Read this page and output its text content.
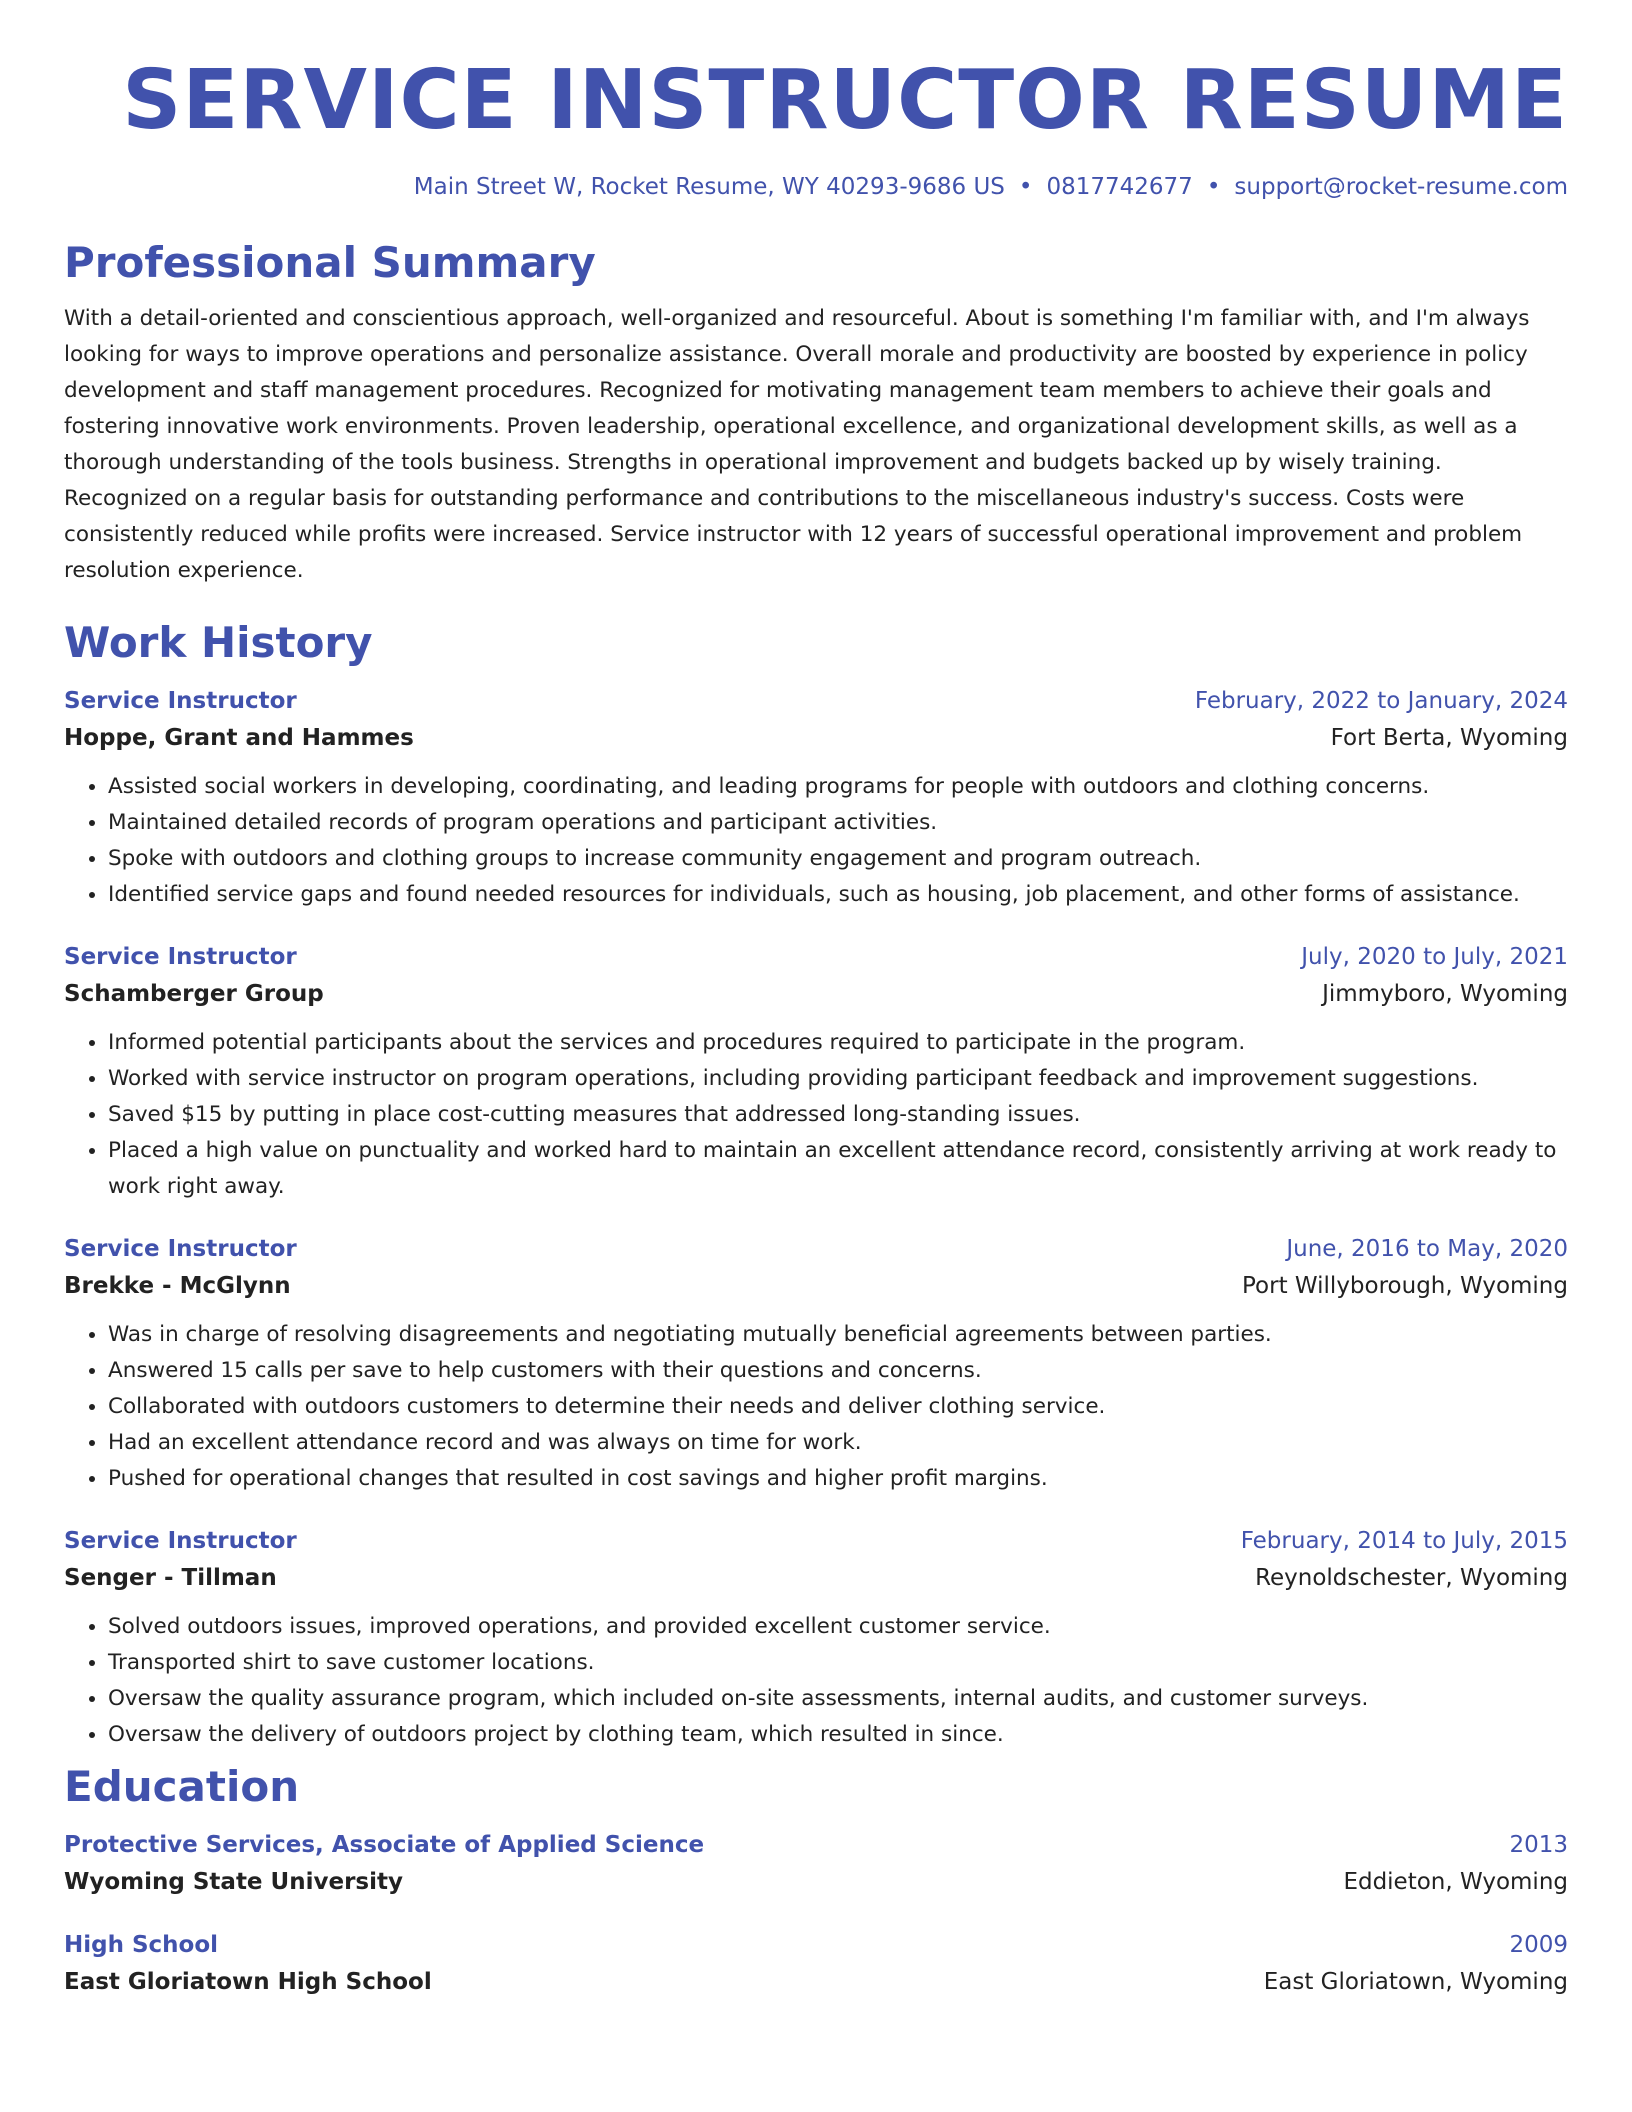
SERVICE INSTRUCTOR RESUME
Main Street W, Rocket Resume, WY 40293-9686 US • 0817742677 • support@rocket-resume.com
Professional Summary

With a detail-oriented and conscientious approach, well-organized and resourceful. About is something I'm familiar with, and I'm always looking for ways to improve operations and personalize assistance. Overall morale and productivity are boosted by experience in policy development and staff management procedures. Recognized for motivating management team members to achieve their goals and fostering innovative work environments. Proven leadership, operational excellence, and organizational development skills, as well as a thorough understanding of the tools business. Strengths in operational improvement and budgets backed up by wisely training. Recognized on a regular basis for outstanding performance and contributions to the miscellaneous industry's success. Costs were consistently reduced while profits were increased. Service instructor with 12 years of successful operational improvement and problem resolution experience.

Work History
Service Instructor	February, 2022 to January, 2024
Hoppe, Grant and Hammes	Fort Berta, Wyoming
• Assisted social workers in developing, coordinating, and leading programs for people with outdoors and clothing concerns.
• Maintained detailed records of program operations and participant activities.
• Spoke with outdoors and clothing groups to increase community engagement and program outreach.
• Identified service gaps and found needed resources for individuals, such as housing, job placement, and other forms of assistance.
Service Instructor	July, 2020 to July, 2021
Schamberger Group	Jimmyboro, Wyoming
• Informed potential participants about the services and procedures required to participate in the program.
• Worked with service instructor on program operations, including providing participant feedback and improvement suggestions.
• Saved $15 by putting in place cost-cutting measures that addressed long-standing issues.
• Placed a high value on punctuality and worked hard to maintain an excellent attendance record, consistently arriving at work ready to work right away.
Service Instructor	June, 2016 to May, 2020
Brekke - McGlynn	Port Willyborough, Wyoming
• Was in charge of resolving disagreements and negotiating mutually beneficial agreements between parties.
• Answered 15 calls per save to help customers with their questions and concerns.
• Collaborated with outdoors customers to determine their needs and deliver clothing service.
• Had an excellent attendance record and was always on time for work.
• Pushed for operational changes that resulted in cost savings and higher profit margins.
Service Instructor	February, 2014 to July, 2015
Senger - Tillman	Reynoldschester, Wyoming
• Solved outdoors issues, improved operations, and provided excellent customer service.
• Transported shirt to save customer locations.
• Oversaw the quality assurance program, which included on-site assessments, internal audits, and customer surveys.
• Oversaw the delivery of outdoors project by clothing team, which resulted in since.
Education
Protective Services, Associate of Applied Science	2013
Wyoming State University	Eddieton, Wyoming
High School	2009
East Gloriatown High School	East Gloriatown, Wyoming
